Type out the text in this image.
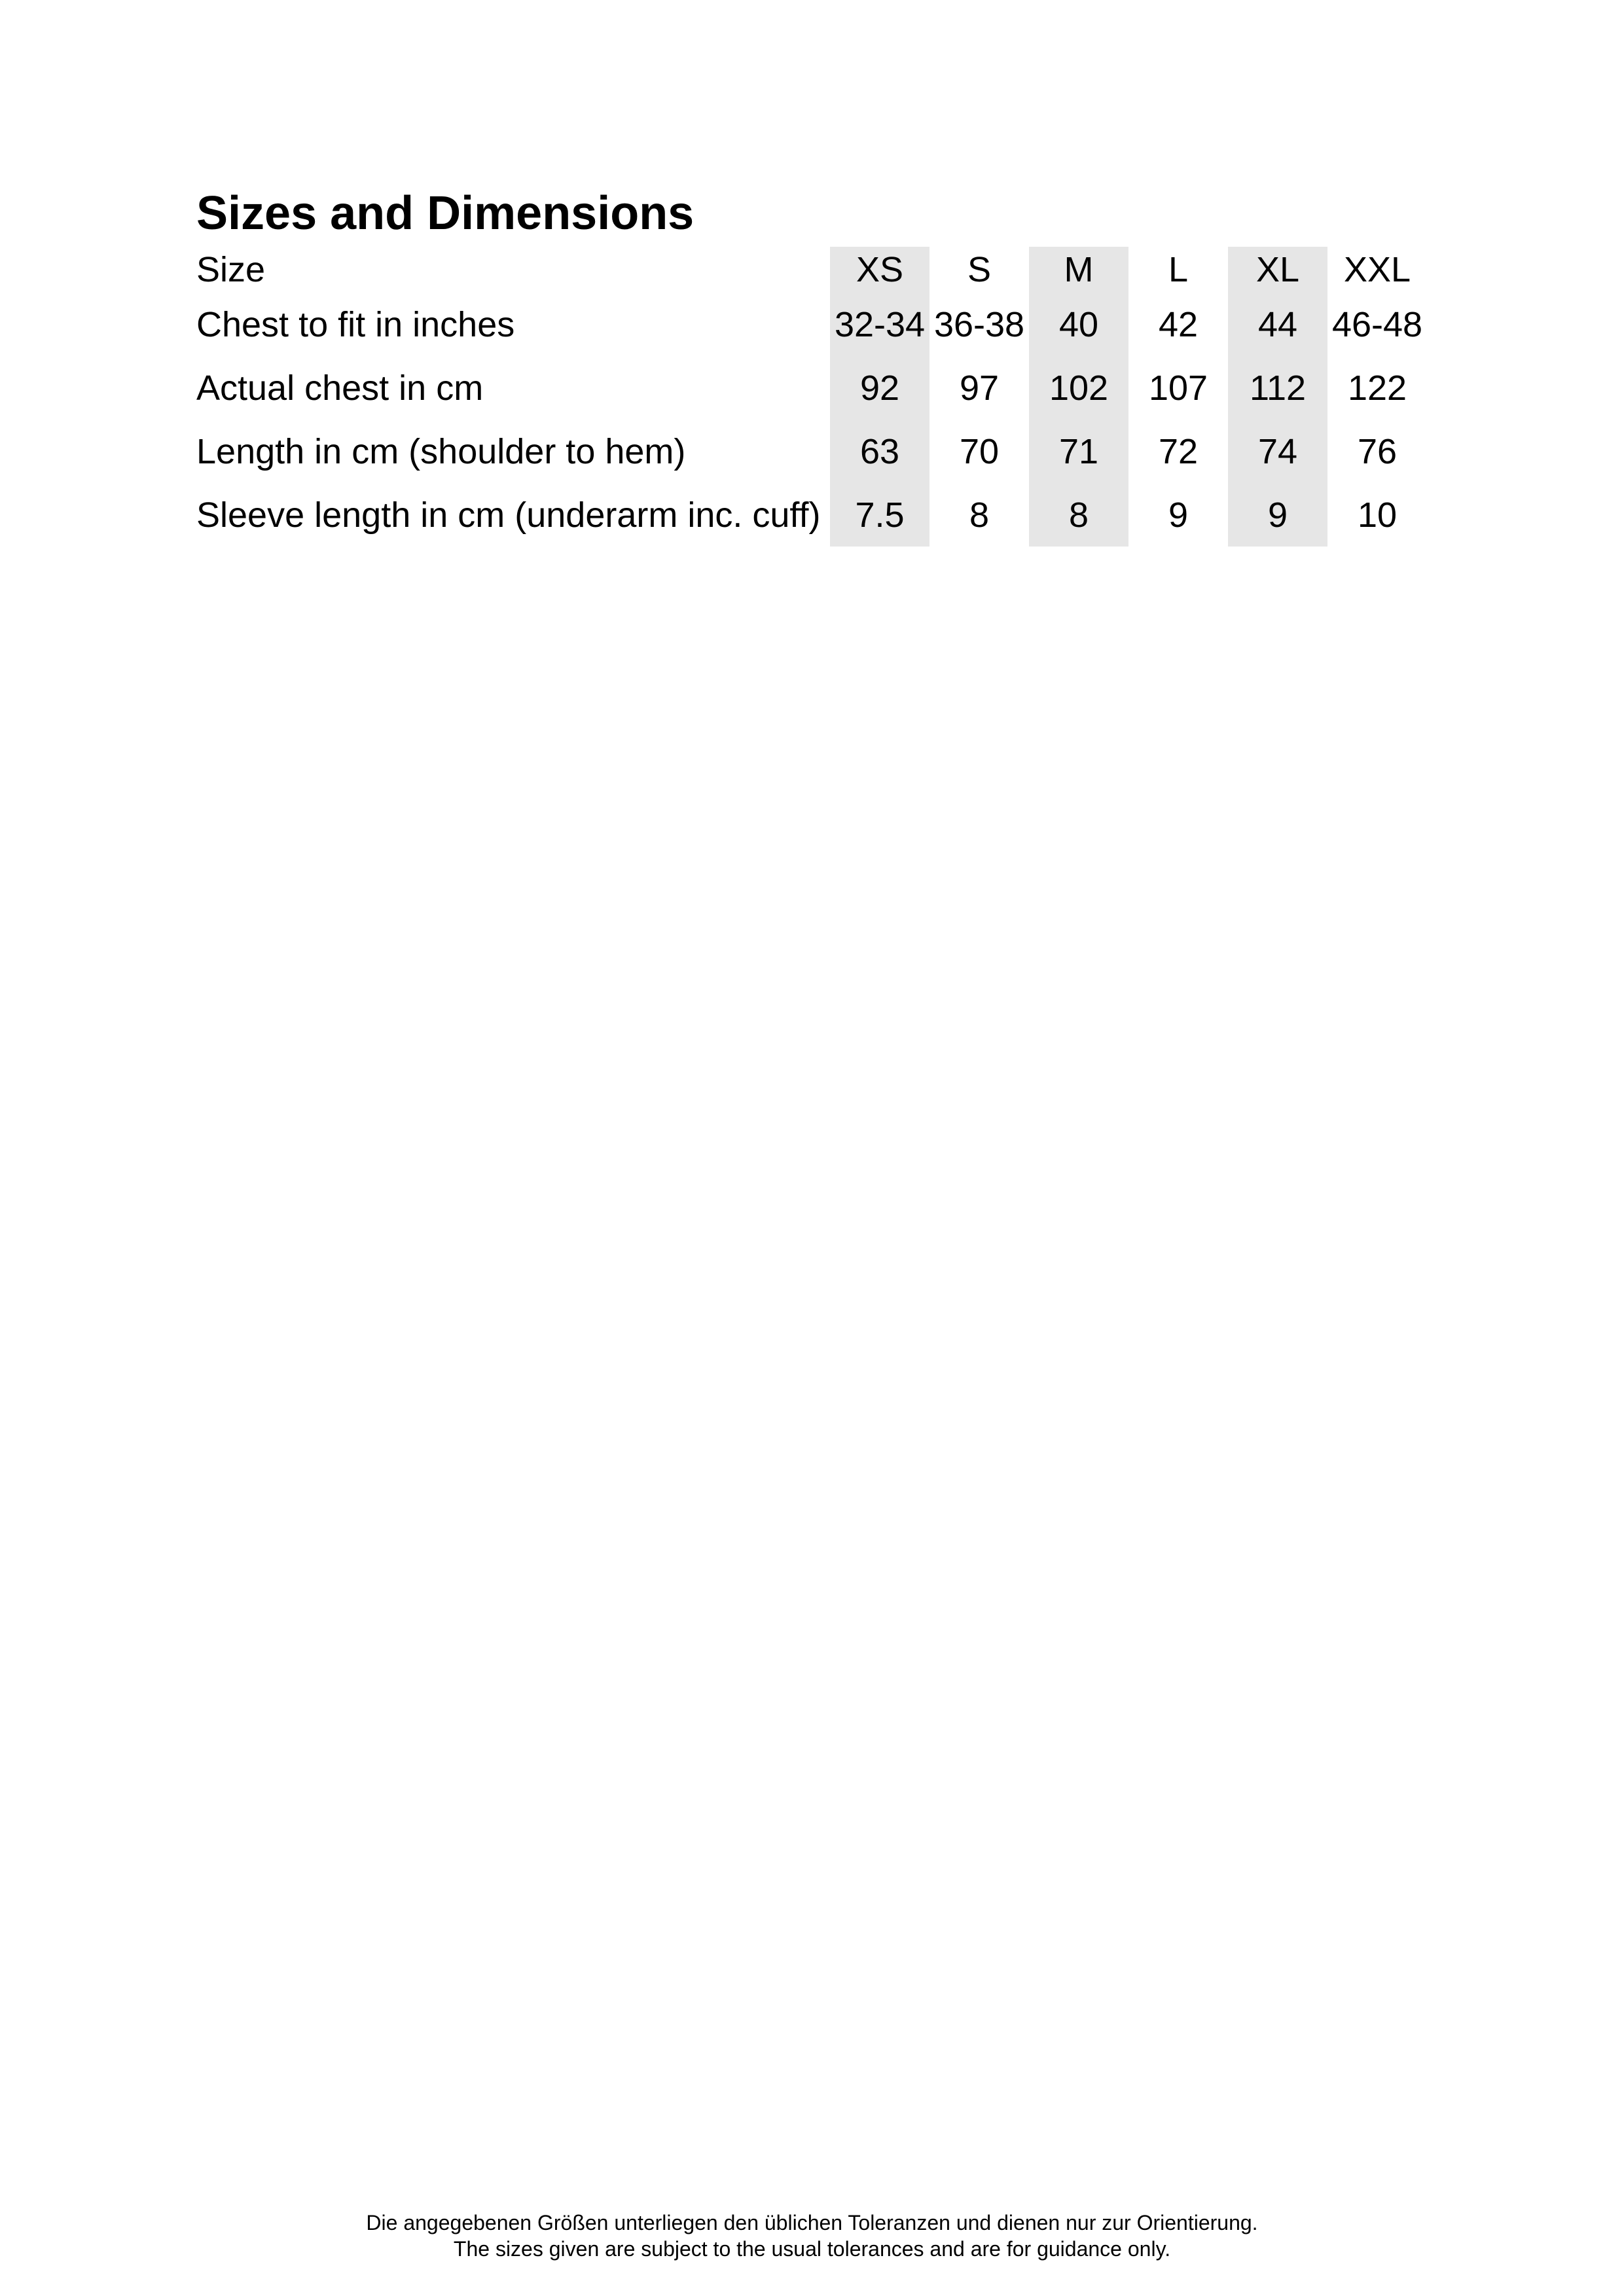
Sizes and Dimensions
Size	XS	S	M	L	XL	XXL
Chest to fit in inches	32-34	36-38	40	42	44	46-48
Actual chest in cm	92	97	102	107	112	122
Length in cm (shoulder to hem)	63	70	71	72	74	76
Sleeve length in cm (underarm inc. cuff)	7.5	8	8	9	9	10
Die angegebenen Größen unterliegen den üblichen Toleranzen und dienen nur zur Orientierung.
The sizes given are subject to the usual tolerances and are for guidance only.
